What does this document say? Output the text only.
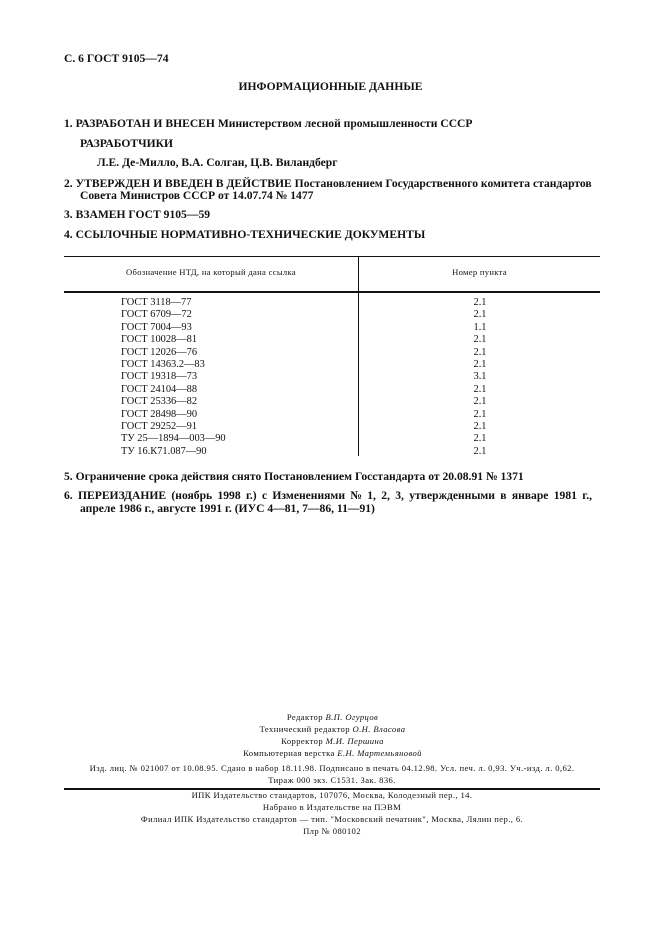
С. 6 ГОСТ 9105—74
ИНФОРМАЦИОННЫЕ ДАННЫЕ
1. РАЗРАБОТАН И ВНЕСЕН Министерством лесной промышленности СССР
РАЗРАБОТЧИКИ
Л.Е. Де-Милло, В.А. Солган, Ц.В. Виландберг
2. УТВЕРЖДЕН И ВВЕДЕН В ДЕЙСТВИЕ Постановлением Государственного комитета стандартов
Совета Министров СССР от 14.07.74 № 1477
3. ВЗАМЕН ГОСТ 9105—59
4. ССЫЛОЧНЫЕ НОРМАТИВНО-ТЕХНИЧЕСКИЕ ДОКУМЕНТЫ
Обозначение НТД, на который дана ссылка	Номер пункта
ГОСТ 3118—77	2.1
ГОСТ 6709—72	2.1
ГОСТ 7004—93	1.1
ГОСТ 10028—81	2.1
ГОСТ 12026—76	2.1
ГОСТ 14363.2—83	2.1
ГОСТ 19318—73	3.1
ГОСТ 24104—88	2.1
ГОСТ 25336—82	2.1
ГОСТ 28498—90	2.1
ГОСТ 29252—91	2.1
ТУ 25—1894—003—90	2.1
ТУ 16.К71.087—90	2.1
5. Ограничение срока действия снято Постановлением Госстандарта от 20.08.91 № 1371
6. ПЕРЕИЗДАНИЕ (ноябрь 1998 г.) с Изменениями № 1, 2, 3, утвержденными в январе 1981 г.,
апреле 1986 г., августе 1991 г. (ИУС 4—81, 7—86, 11—91)
Редактор В.П. Огурцов
Технический редактор О.Н. Власова
Корректор М.И. Першина
Компьютерная верстка Е.Н. Мартемьяновой
Изд. лиц. № 021007 от 10.08.95. Сдано в набор 18.11.98. Подписано в печать 04.12.98. Усл. печ. л. 0,93. Уч.-изд. л. 0,62.
Тираж 000 экз. С1531. Зак. 836.
ИПК Издательство стандартов, 107076, Москва, Колодезный пер., 14.
Набрано в Издательстве на ПЭВМ
Филиал ИПК Издательство стандартов — тип. "Московский печатник", Москва, Лялин пер., 6.
Плр № 080102
